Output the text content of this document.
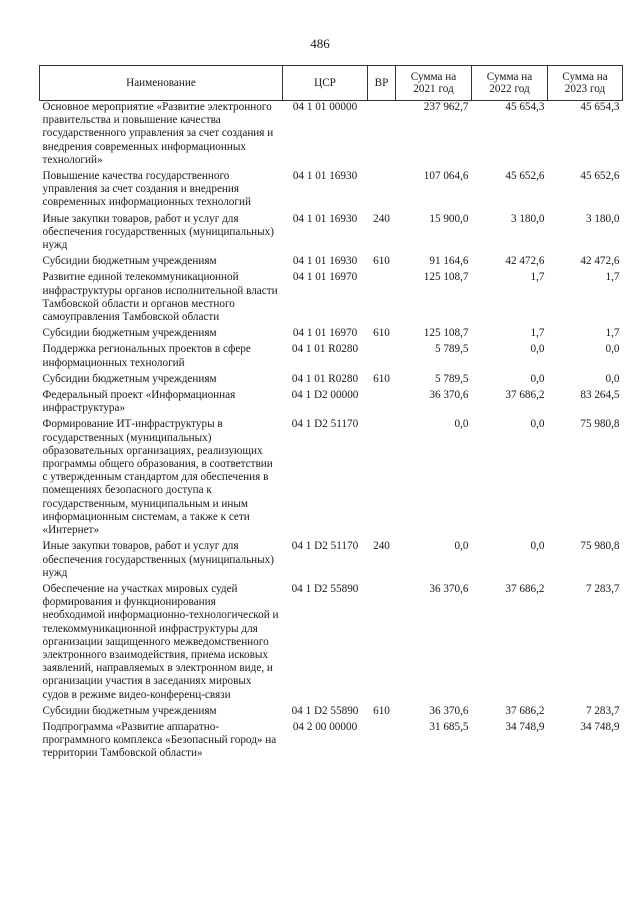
486
Наименование	ЦСР	ВР	Сумма на 2021 год	Сумма на 2022 год	Сумма на 2023 год
Основное мероприятие «Развитие электронного правительства и повышение качества государственного управления за счет создания и внедрения современных информационных технологий»	04 1 01 00000		237 962,7	45 654,3	45 654,3
Повышение качества государственного управления за счет создания и внедрения современных информационных технологий	04 1 01 16930		107 064,6	45 652,6	45 652,6
Иные закупки товаров, работ и услуг для обеспечения государственных (муниципальных) нужд	04 1 01 16930	240	15 900,0	3 180,0	3 180,0
Субсидии бюджетным учреждениям	04 1 01 16930	610	91 164,6	42 472,6	42 472,6
Развитие единой телекоммуникационной инфраструктуры органов исполнительной власти Тамбовской области и органов местного самоуправления Тамбовской области	04 1 01 16970		125 108,7	1,7	1,7
Субсидии бюджетным учреждениям	04 1 01 16970	610	125 108,7	1,7	1,7
Поддержка региональных проектов в сфере информационных технологий	04 1 01 R0280		5 789,5	0,0	0,0
Субсидии бюджетным учреждениям	04 1 01 R0280	610	5 789,5	0,0	0,0
Федеральный проект «Информационная инфраструктура»	04 1 D2 00000		36 370,6	37 686,2	83 264,5
Формирование ИТ-инфраструктуры в государственных (муниципальных) образовательных организациях, реализующих программы общего образования, в соответствии с утвержденным стандартом для обеспечения в помещениях безопасного доступа к государственным, муниципальным и иным информационным системам, а также к сети «Интернет»	04 1 D2 51170		0,0	0,0	75 980,8
Иные закупки товаров, работ и услуг для обеспечения государственных (муниципальных) нужд	04 1 D2 51170	240	0,0	0,0	75 980,8
Обеспечение на участках мировых судей формирования и функционирования необходимой информационно-технологической и телекоммуникационной инфраструктуры для организации защищенного межведомственного электронного взаимодействия, приема исковых заявлений, направляемых в электронном виде, и организации участия в заседаниях мировых судов в режиме видео-конференц-связи	04 1 D2 55890		36 370,6	37 686,2	7 283,7
Субсидии бюджетным учреждениям	04 1 D2 55890	610	36 370,6	37 686,2	7 283,7
Подпрограмма «Развитие аппаратно-программного комплекса «Безопасный город» на территории Тамбовской области»	04 2 00 00000		31 685,5	34 748,9	34 748,9
